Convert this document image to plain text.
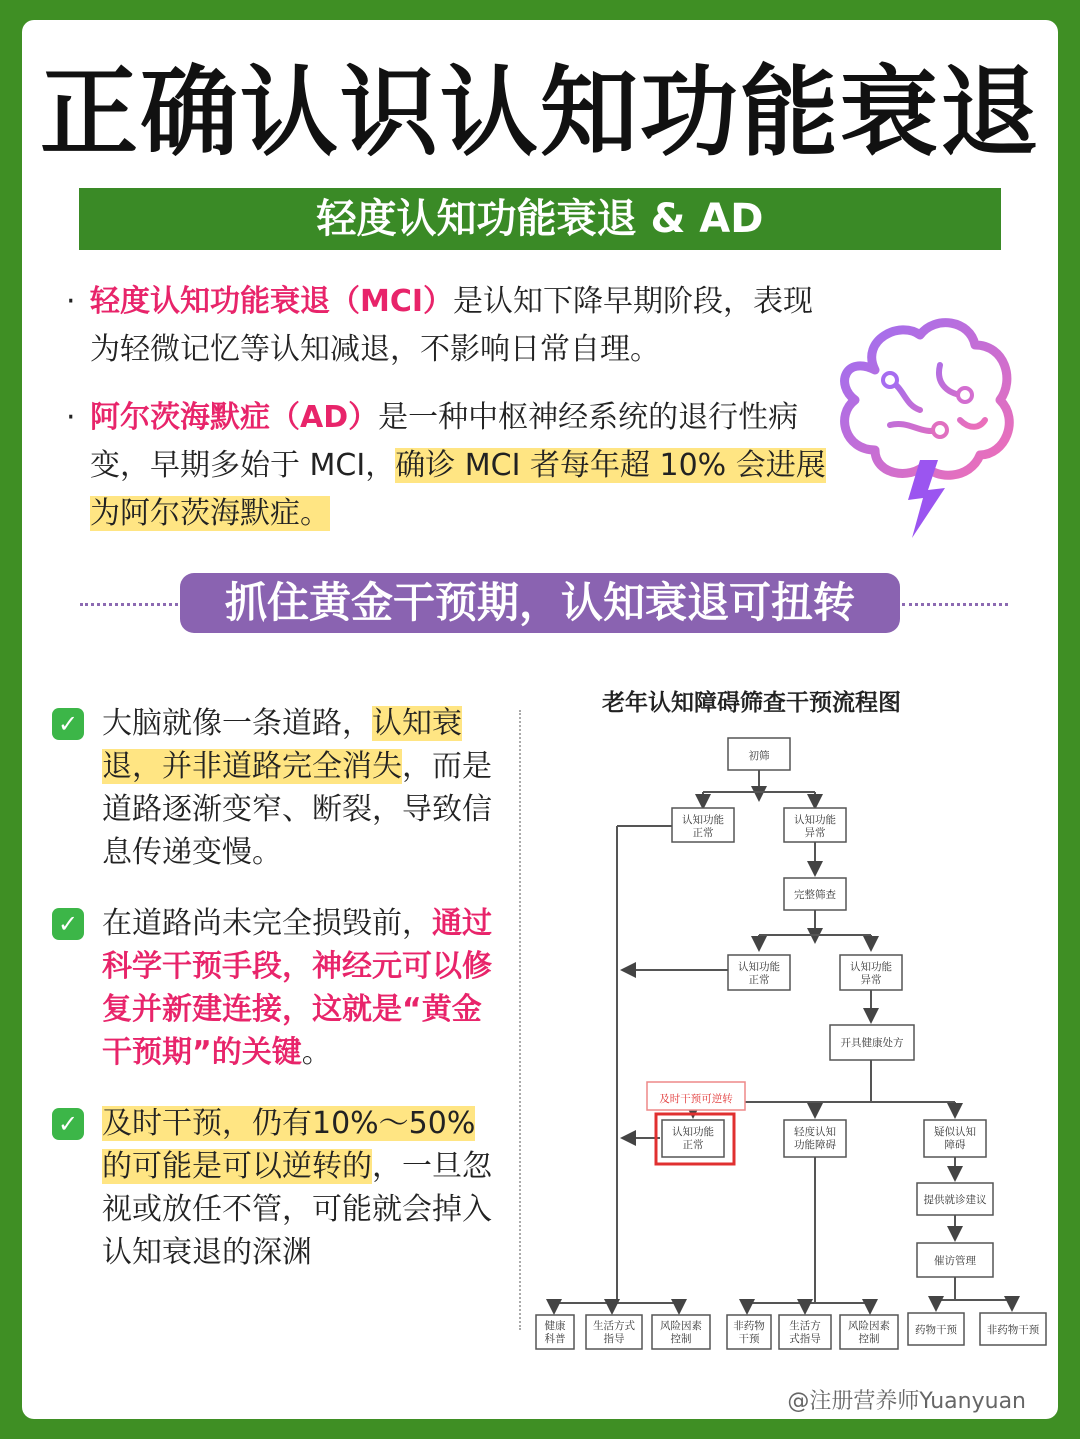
正确认识认知功能衰退
轻度认知功能衰退 & AD
· 轻度认知功能衰退（MCI）是认知下降早期阶段，表现为轻微记忆等认知减退，不影响日常自理。
· 阿尔茨海默症（AD）是一种中枢神经系统的退行性病变，早期多始于 MCI，确诊 MCI 者每年超 10% 会进展为阿尔茨海默症。
抓住黄金干预期，认知衰退可扭转
✓ 大脑就像一条道路，认知衰退，并非道路完全消失，而是道路逐渐变窄、断裂，导致信息传递变慢。
✓ 在道路尚未完全损毁前，通过科学干预手段，神经元可以修复并新建连接，这就是“黄金干预期”的关键。
✓ 及时干预，仍有10%～50%的可能是可以逆转的，一旦忽视或放任不管，可能就会掉入认知衰退的深渊
老年认知障碍筛查干预流程图
初筛
认知功能
正常
认知功能
异常
完整筛查
认知功能
正常
认知功能
异常
开具健康处方
及时干预可逆转
认知功能
正常
轻度认知
功能障碍
疑似认知
障碍
提供就诊建议
催访管理
健康
科普
生活方式
指导
风险因素
控制
非药物
干预
生活方
式指导
风险因素
控制
药物干预	非药物干预
@注册营养师Yuanyuan
